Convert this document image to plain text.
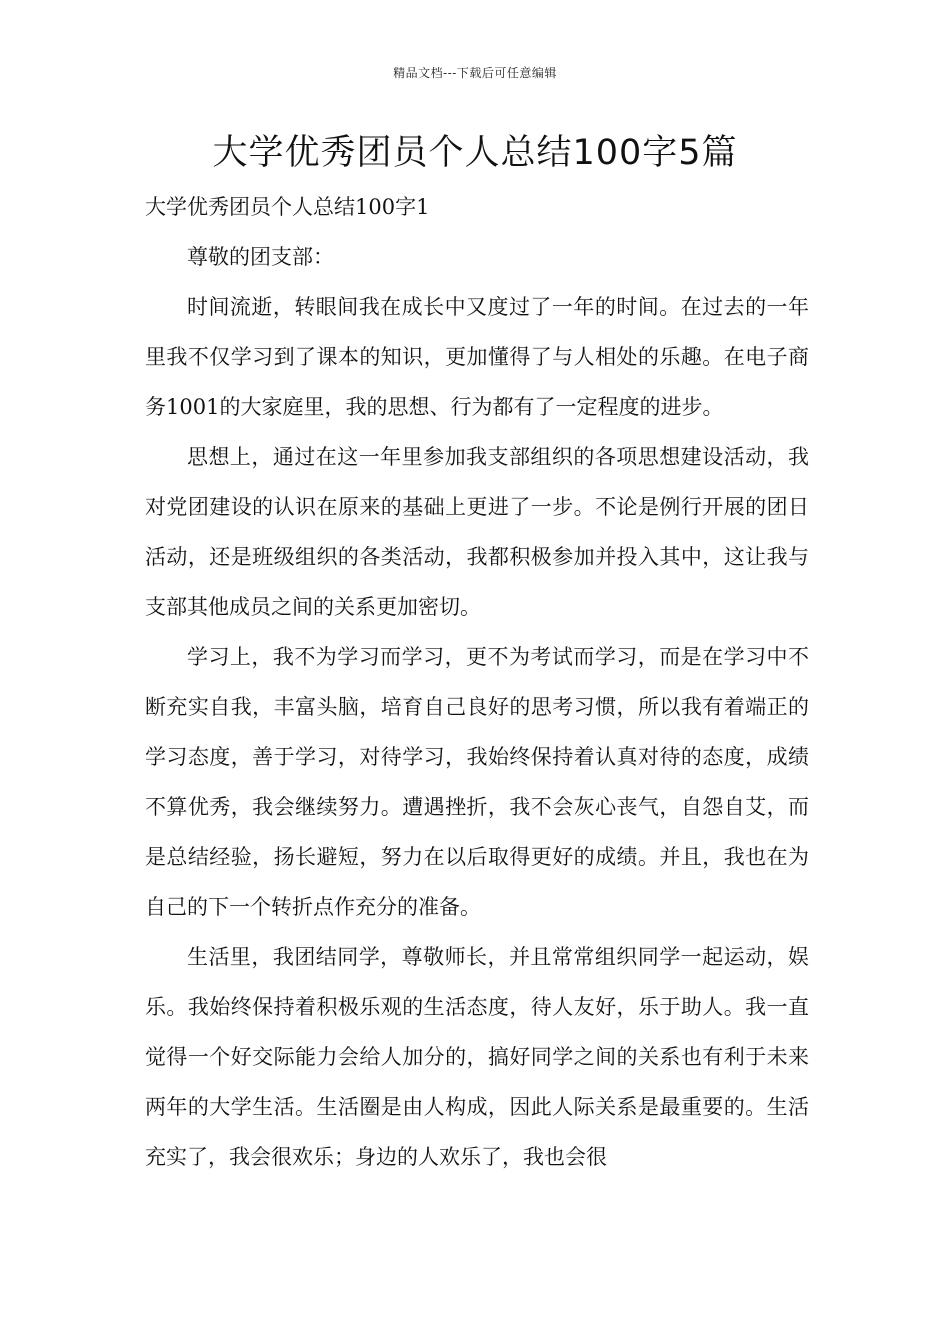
精品文档---下载后可任意编辑
大学优秀团员个人总结100字5篇

大学优秀团员个人总结100字1

尊敬的团支部：

时间流逝，转眼间我在成长中又度过了一年的时间。在过去的一年里我不仅学习到了课本的知识，更加懂得了与人相处的乐趣。在电子商务1001的大家庭里，我的思想、行为都有了一定程度的进步。

思想上，通过在这一年里参加我支部组织的各项思想建设活动，我对党团建设的认识在原来的基础上更进了一步。不论是例行开展的团日活动，还是班级组织的各类活动，我都积极参加并投入其中，这让我与支部其他成员之间的关系更加密切。

学习上，我不为学习而学习，更不为考试而学习，而是在学习中不断充实自我，丰富头脑，培育自己良好的思考习惯，所以我有着端正的学习态度，善于学习，对待学习，我始终保持着认真对待的态度，成绩不算优秀，我会继续努力。遭遇挫折，我不会灰心丧气，自怨自艾，而是总结经验，扬长避短，努力在以后取得更好的成绩。并且，我也在为自己的下一个转折点作充分的准备。

生活里，我团结同学，尊敬师长，并且常常组织同学一起运动，娱乐。我始终保持着积极乐观的生活态度，待人友好，乐于助人。我一直觉得一个好交际能力会给人加分的，搞好同学之间的关系也有利于未来两年的大学生活。生活圈是由人构成，因此人际关系是最重要的。生活充实了，我会很欢乐；身边的人欢乐了，我也会很
